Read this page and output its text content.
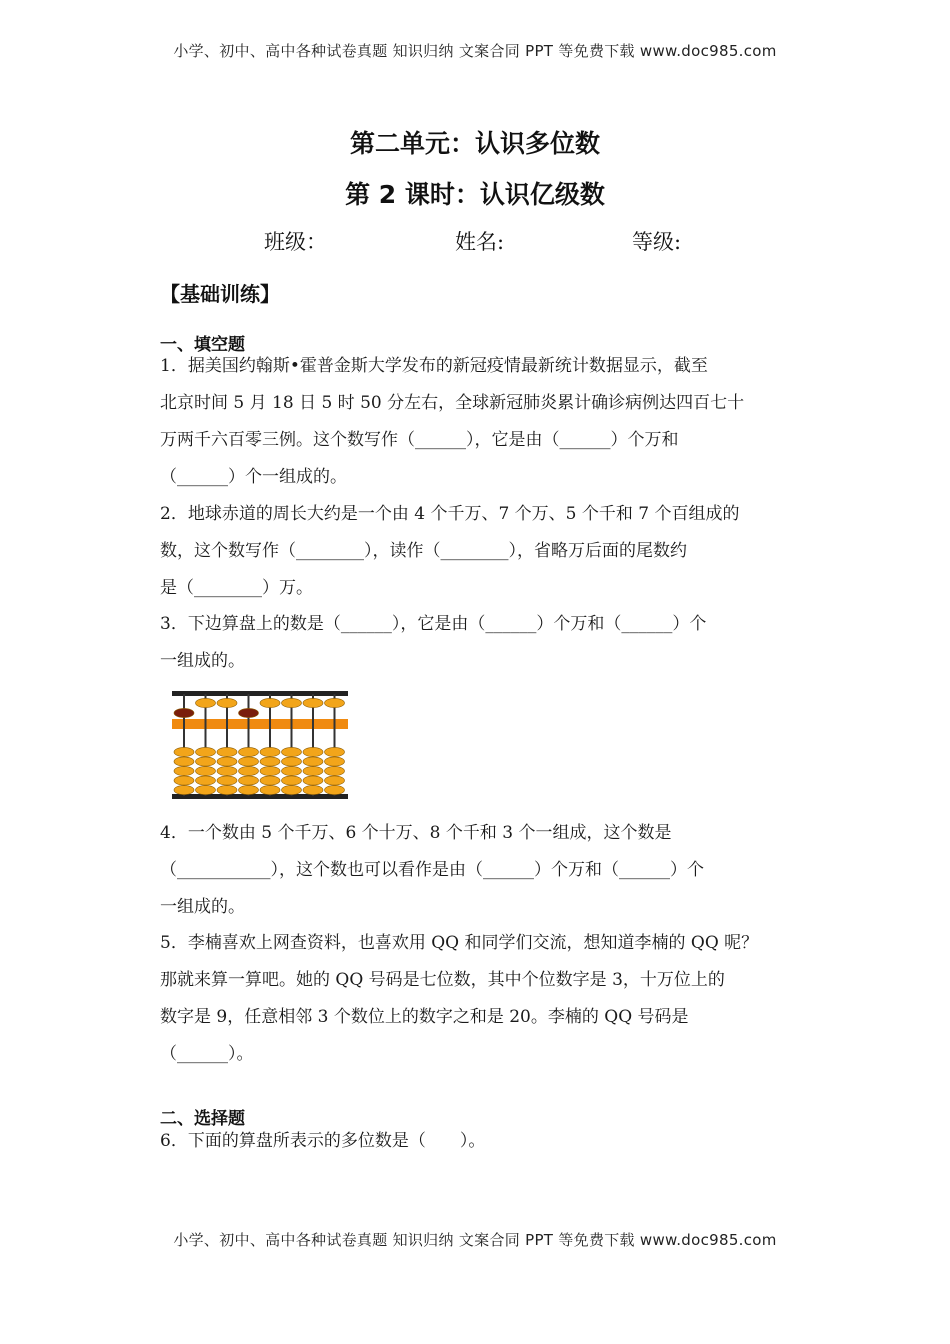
小学、初中、高中各种试卷真题 知识归纳 文案合同 PPT 等免费下载 www.doc985.com
第二单元：认识多位数
第 2 课时：认识亿级数
班级：	姓名:	等级:
【基础训练】
一、填空题

1．据美国约翰斯•霍普金斯大学发布的新冠疫情最新统计数据显示，截至

北京时间 5 月 18 日 5 时 50 分左右，全球新冠肺炎累计确诊病例达四百七十

万两千六百零三例。这个数写作（______），它是由（______）个万和

（______）个一组成的。

2．地球赤道的周长大约是一个由 4 个千万、7 个万、5 个千和 7 个百组成的

数，这个数写作（________），读作（________），省略万后面的尾数约

是（________）万。

3．下边算盘上的数是（______），它是由（______）个万和（______）个

一组成的。

4．一个数由 5 个千万、6 个十万、8 个千和 3 个一组成，这个数是

（___________），这个数也可以看作是由（______）个万和（______）个

一组成的。

5．李楠喜欢上网查资料，也喜欢用 QQ 和同学们交流，想知道李楠的 QQ 呢？

那就来算一算吧。她的 QQ 号码是七位数，其中个位数字是 3，十万位上的

数字是 9，任意相邻 3 个数位上的数字之和是 20。李楠的 QQ 号码是

（______）。

二、选择题

6．下面的算盘所表示的多位数是（　　）。

小学、初中、高中各种试卷真题 知识归纳 文案合同 PPT 等免费下载 www.doc985.com
